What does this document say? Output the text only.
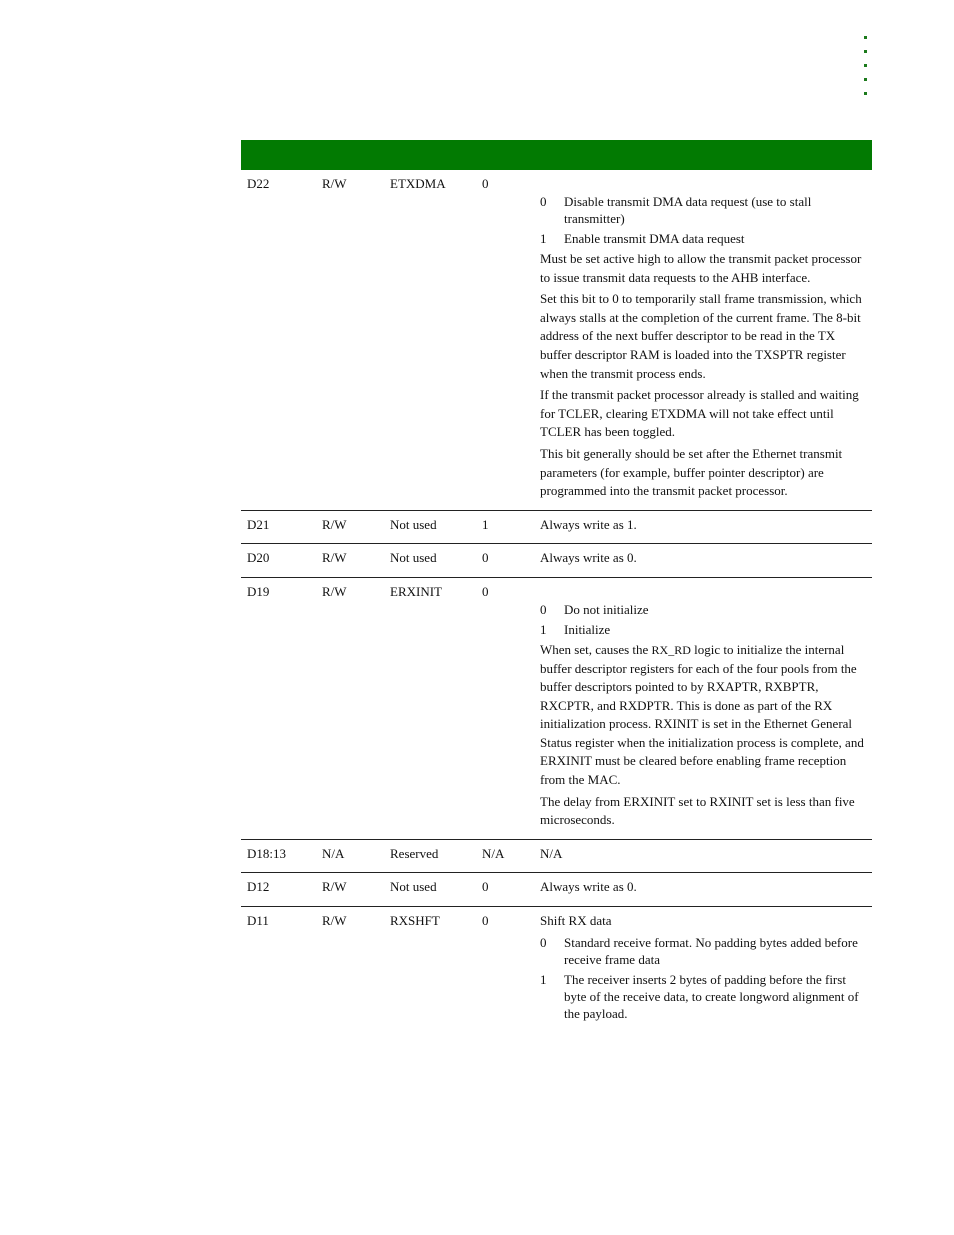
D22	R/W	ETXDMA	0
0	Disable transmit DMA data request (use to stall transmitter)
1	Enable transmit DMA data request

Must be set active high to allow the transmit packet processor to issue transmit data requests to the AHB interface.

Set this bit to 0 to temporarily stall frame transmission, which always stalls at the completion of the current frame. The 8-bit address of the next buffer descriptor to be read in the TX buffer descriptor RAM is loaded into the TXSPTR register when the transmit process ends.

If the transmit packet processor already is stalled and waiting for TCLER, clearing ETXDMA will not take effect until TCLER has been toggled.

This bit generally should be set after the Ethernet transmit parameters (for example, buffer pointer descriptor) are programmed into the transmit packet processor.

D21	R/W	Not used	1	Always write as 1.

D20	R/W	Not used	0	Always write as 0.

D19	R/W	ERXINIT	0
0	Do not initialize
1	Initialize

When set, causes the RX_RD logic to initialize the internal buffer descriptor registers for each of the four pools from the buffer descriptors pointed to by RXAPTR, RXBPTR, RXCPTR, and RXDPTR. This is done as part of the RX initialization process. RXINIT is set in the Ethernet General Status register when the initialization process is complete, and ERXINIT must be cleared before enabling frame reception from the MAC.

The delay from ERXINIT set to RXINIT set is less than five microseconds.

D18:13	N/A	Reserved	N/A	N/A

D12	R/W	Not used	0	Always write as 0.

D11	R/W	RXSHFT	0	Shift RX data

0	Standard receive format. No padding bytes added before receive frame data
1	The receiver inserts 2 bytes of padding before the first byte of the receive data, to create longword alignment of the payload.
